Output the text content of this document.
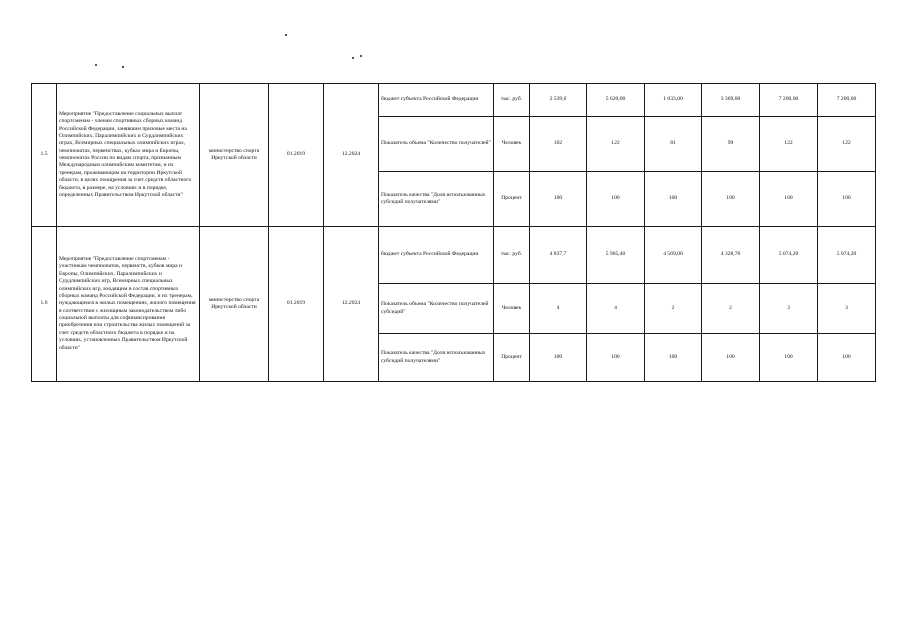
1.5	Мероприятие "Предоставление социальных выплат спортсменам - членам спортивных сборных команд Российской Федерации, занявшим призовые места на Олимпийских, Паралимпийских и Сурдлимпийских играх, Всемирных специальных олимпийских играх, чемпионатах, первенствах, кубках мира и Европы, чемпионатах России по видам спорта, признанным Международным олимпийским комитетом, и их тренерам, проживающим на территории Иркутской области, в целях поощрения за счет средств областного бюджета, в размере, на условиях и в порядке, определенных Правительством Иркутской области"	министерство спорта Иркутской области	01.2019	12.2024	бюджет субъекта Российской Федерации	тыс. руб.	2 539,0	5 620,00	1 033,00	3 369,00	7 200,00	7 200,00
					Показатель объема "Количество получателей"	Человек	102	122	81	99	122	122
					Показатель качества "Доля использованных субсидий получателями"	Процент	100	100	100	100	100	100
1.6	Мероприятие "Предоставление спортсменам - участникам чемпионатов, первенств, кубков мира и Европы, Олимпийских, Паралимпийских и Сурдлимпийских игр, Всемирных специальных олимпийских игр, входящим в состав спортивных сборных команд Российской Федерации, и их тренерам, нуждающимся в жилых помещениях, жилого помещения в соответствии с жилищным законодательством либо социальной выплаты для софинансирования приобретения или строительства жилых помещений за счет средств областного бюджета в порядке и на условиях, установленных Правительством Иркутской области"	министерство спорта Иркутской области	01.2019	12.2024	бюджет субъекта Российской Федерации	тыс. руб.	4 837,7	5 985,40	4 569,00	4 328,70	5 074,20	5 074,20
					Показатель объема "Количество получателей субсидий"	Человек	4	4	2	2	3	3
					Показатель качества "Доля использованных субсидий получателями"	Процент	100	100	100	100	100	100
